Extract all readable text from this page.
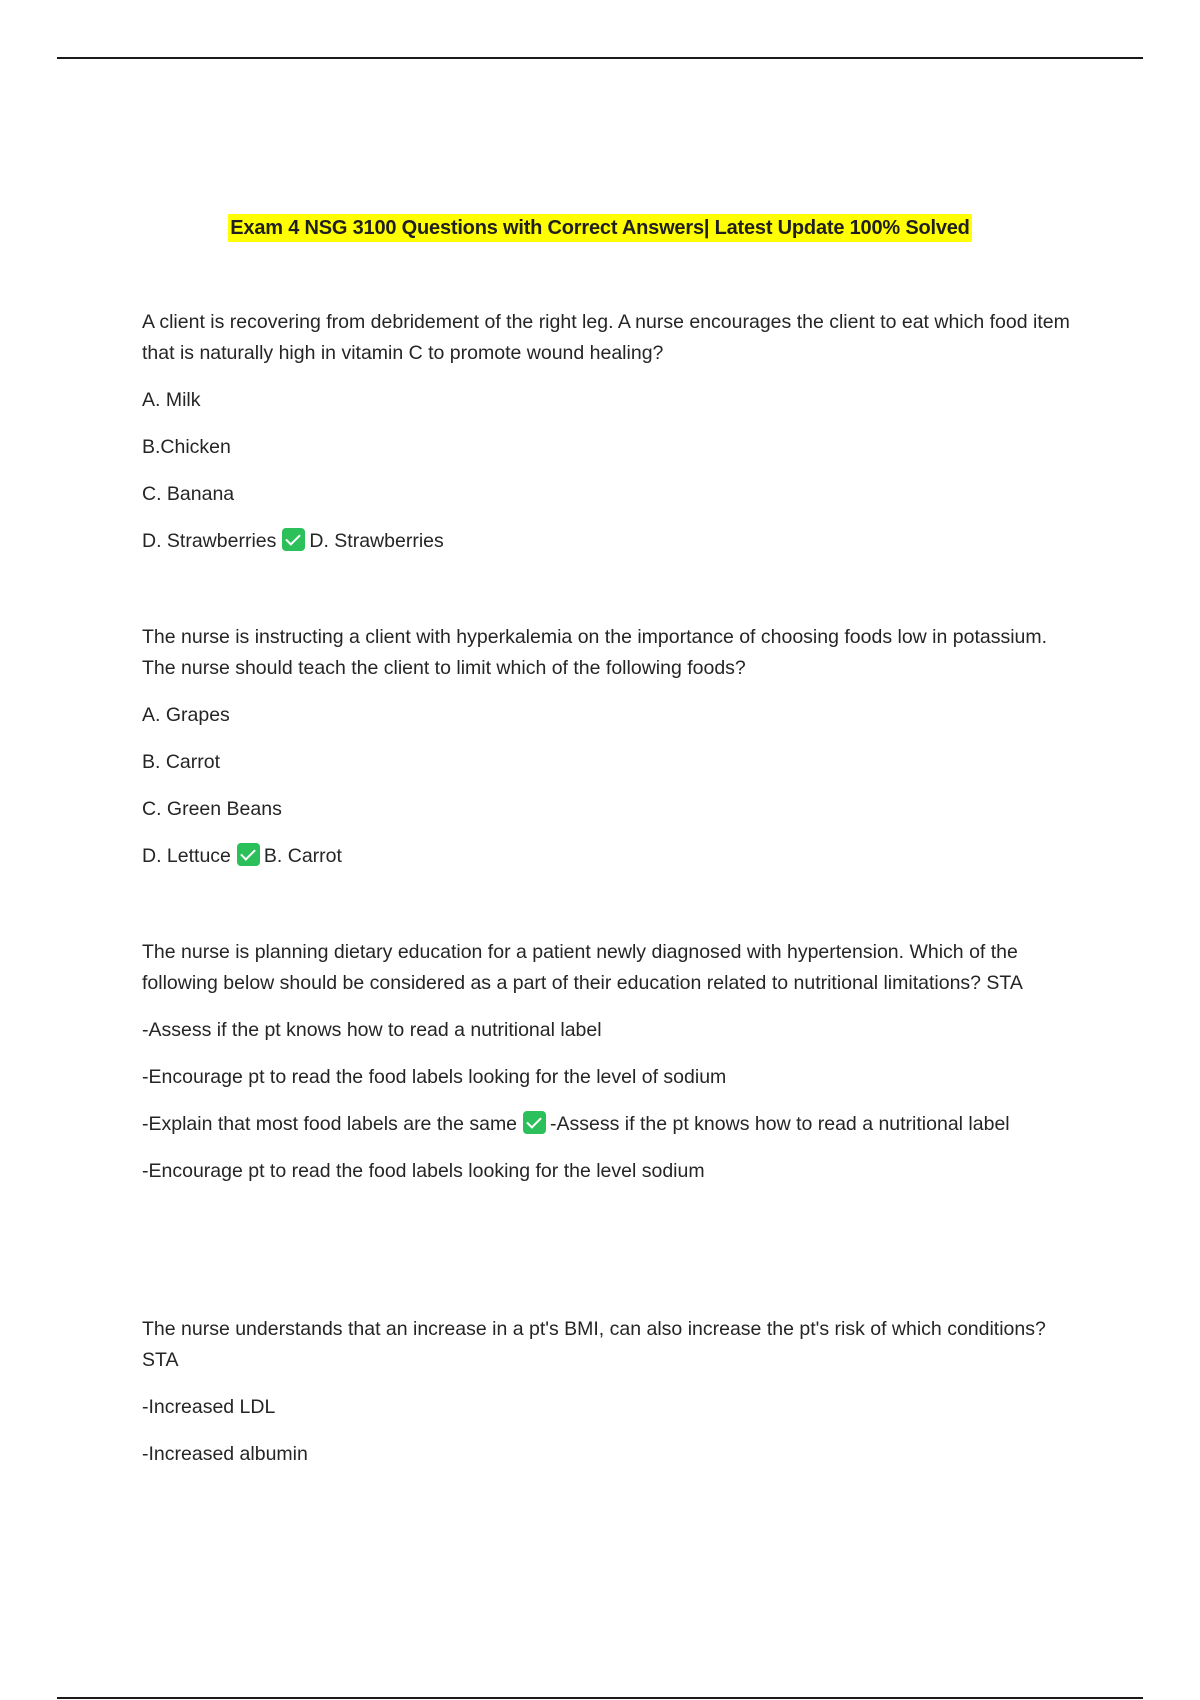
Exam 4 NSG 3100 Questions with Correct Answers| Latest Update 100% Solved
A client is recovering from debridement of the right leg. A nurse encourages the client to eat which food item that is naturally high in vitamin C to promote wound healing?
A. Milk
B.Chicken
C. Banana
D. Strawberries D. Strawberries
The nurse is instructing a client with hyperkalemia on the importance of choosing foods low in potassium. The nurse should teach the client to limit which of the following foods?
A. Grapes
B. Carrot
C. Green Beans
D. Lettuce B. Carrot
The nurse is planning dietary education for a patient newly diagnosed with hypertension. Which of the following below should be considered as a part of their education related to nutritional limitations? STA
-Assess if the pt knows how to read a nutritional label
-Encourage pt to read the food labels looking for the level of sodium
-Explain that most food labels are the same -Assess if the pt knows how to read a nutritional label
-Encourage pt to read the food labels looking for the level sodium
The nurse understands that an increase in a pt's BMI, can also increase the pt's risk of which conditions? STA
-Increased LDL
-Increased albumin
